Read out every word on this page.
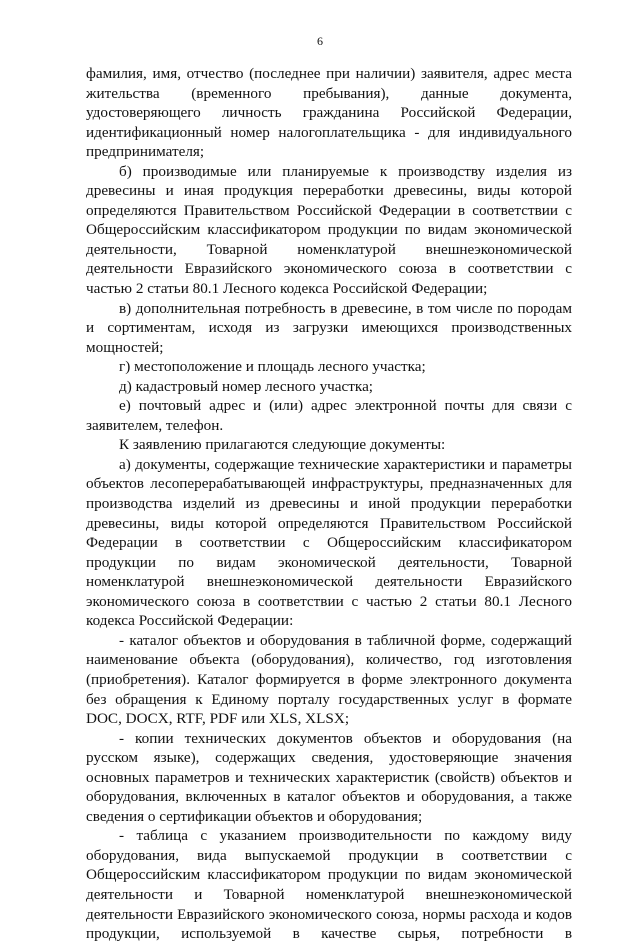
6

фамилия, имя, отчество (последнее при наличии) заявителя, адрес места жительства (временного пребывания), данные документа, удостоверяющего личность гражданина Российской Федерации, идентификационный номер налогоплательщика - для индивидуального предпринимателя;

б) производимые или планируемые к производству изделия из древесины и иная продукция переработки древесины, виды которой определяются Правительством Российской Федерации в соответствии с Общероссийским классификатором продукции по видам экономической деятельности, Товарной номенклатурой внешнеэкономической деятельности Евразийского экономического союза в соответствии с частью 2 статьи 80.1 Лесного кодекса Российской Федерации;

в) дополнительная потребность в древесине, в том числе по породам и сортиментам, исходя из загрузки имеющихся производственных мощностей;

г) местоположение и площадь лесного участка;

д) кадастровый номер лесного участка;

е) почтовый адрес и (или) адрес электронной почты для связи с заявителем, телефон.

К заявлению прилагаются следующие документы:

а) документы, содержащие технические характеристики и параметры объектов лесоперерабатывающей инфраструктуры, предназначенных для производства изделий из древесины и иной продукции переработки древесины, виды которой определяются Правительством Российской Федерации в соответствии с Общероссийским классификатором продукции по видам экономической деятельности, Товарной номенклатурой внешнеэкономической деятельности Евразийского экономического союза в соответствии с частью 2 статьи 80.1 Лесного кодекса Российской Федерации:

- каталог объектов и оборудования в табличной форме, содержащий наименование объекта (оборудования), количество, год изготовления (приобретения). Каталог формируется в форме электронного документа без обращения к Единому порталу государственных услуг в формате DOC, DOCX, RTF, PDF или XLS, XLSX;

- копии технических документов объектов и оборудования (на русском языке), содержащих сведения, удостоверяющие значения основных параметров и технических характеристик (свойств) объектов и оборудования, включенных в каталог объектов и оборудования, а также сведения о сертификации объектов и оборудования;

- таблица с указанием производительности по каждому виду оборудования, вида выпускаемой продукции в соответствии с Общероссийским классификатором продукции по видам экономической деятельности и Товарной номенклатурой внешнеэкономической деятельности Евразийского экономического союза, нормы расхода и кодов продукции, используемой в качестве сырья, потребности в
